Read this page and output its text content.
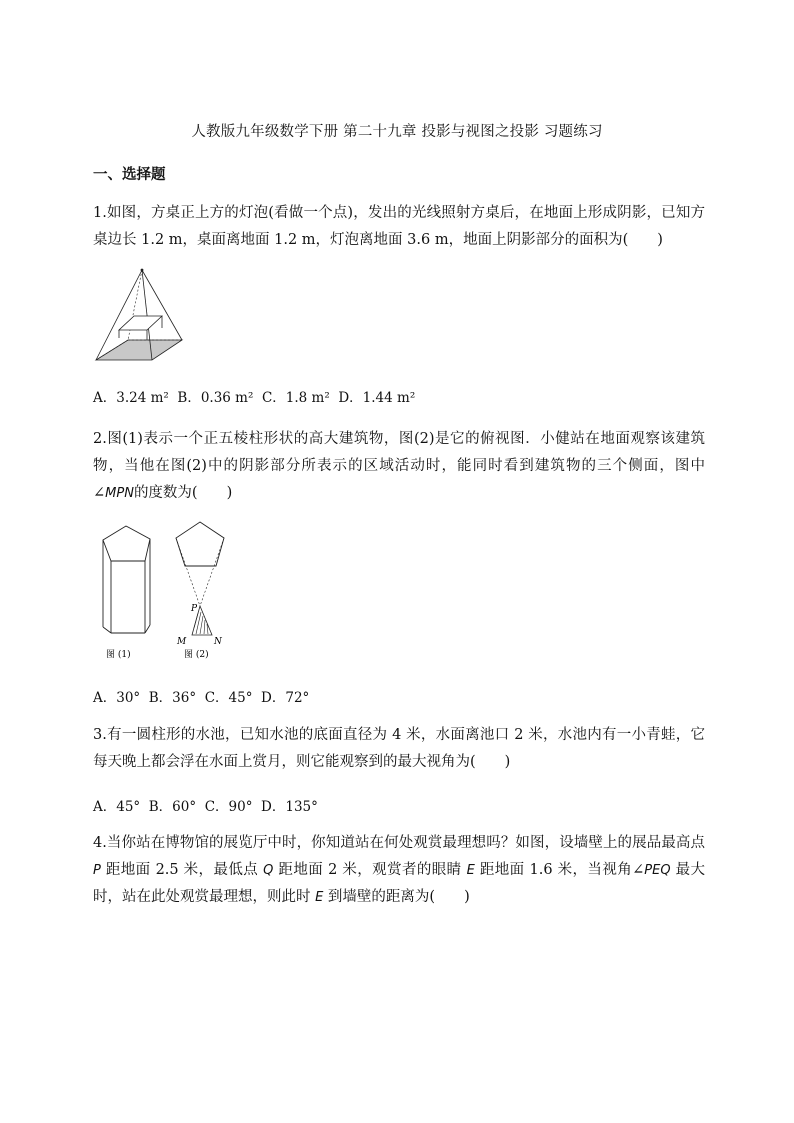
人教版九年级数学下册 第二十九章 投影与视图之投影 习题练习
一、选择题
1.如图，方桌正上方的灯泡(看做一个点)，发出的光线照射方桌后，在地面上形成阴影，已知方桌边长 1.2 m，桌面离地面 1.2 m，灯泡离地面 3.6 m，地面上阴影部分的面积为(　　)
A．3.24 m²  B．0.36 m²  C．1.8 m²  D．1.44 m²
2.图(1)表示一个正五棱柱形状的高大建筑物，图(2)是它的俯视图．小健站在地面观察该建筑物，当他在图(2)中的阴影部分所表示的区域活动时，能同时看到建筑物的三个侧面，图中∠MPN的度数为(　　)
图 (1)
P
M	N
图 (2)
A．30°  B．36°  C．45°  D．72°
3.有一圆柱形的水池，已知水池的底面直径为 4 米，水面离池口 2 米，水池内有一小青蛙，它每天晚上都会浮在水面上赏月，则它能观察到的最大视角为(　　)
A．45°  B．60°  C．90°  D．135°
4.当你站在博物馆的展览厅中时，你知道站在何处观赏最理想吗？如图，设墙壁上的展品最高点 P 距地面 2.5 米，最低点 Q 距地面 2 米，观赏者的眼睛 E 距地面 1.6 米，当视角∠PEQ 最大时，站在此处观赏最理想，则此时 E 到墙壁的距离为(　　)
